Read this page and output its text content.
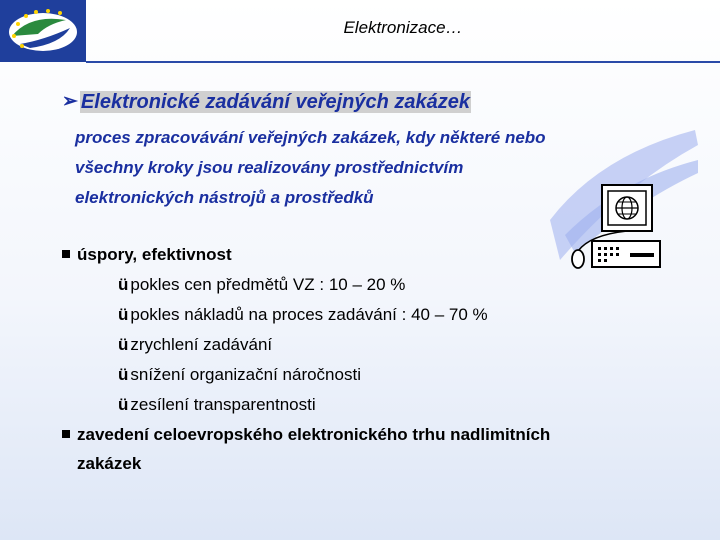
Elektronizace…
➢ Elektronické zadávání veřejných zakázek
proces zpracovávání veřejných zakázek, kdy některé nebo
všechny kroky jsou realizovány prostřednictvím
elektronických nástrojů a prostředků
úspory, efektivnost
ü pokles cen předmětů VZ : 10 – 20 %
ü pokles nákladů na proces zadávání : 40 – 70 %
ü zrychlení zadávání
ü snížení organizační náročnosti
ü zesílení transparentnosti
zavedení celoevropského elektronického trhu nadlimitních
zakázek
